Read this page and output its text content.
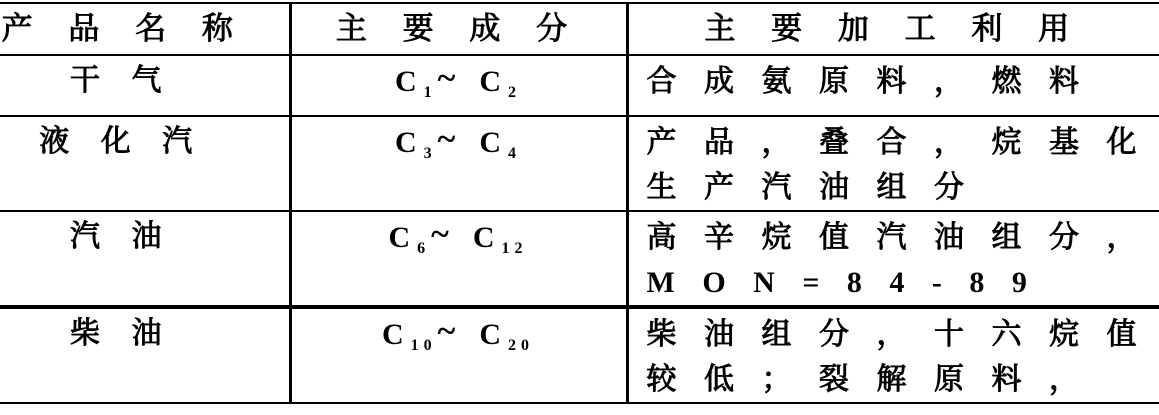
产 品 名 称	主 要 成 分	主 要 加 工 利 用
干 气	C $_1$~ C $_2$	合 成 氨 原 料 ， 燃 料

液 化 汽	C $_3$~ C $_4$	产 品 ， 叠 合 ， 烷 基 化
生 产 汽 油 组 分

汽 油	C $_6$~ C $_{12}$	高 辛 烷 值 汽 油 组 分 ，
M O N = 8 4 - 8 9

柴 油	C $_{10}$~ C $_{20}$	柴 油 组 分 ， 十 六 烷 值
较 低 ； 裂 解 原 料 ，
